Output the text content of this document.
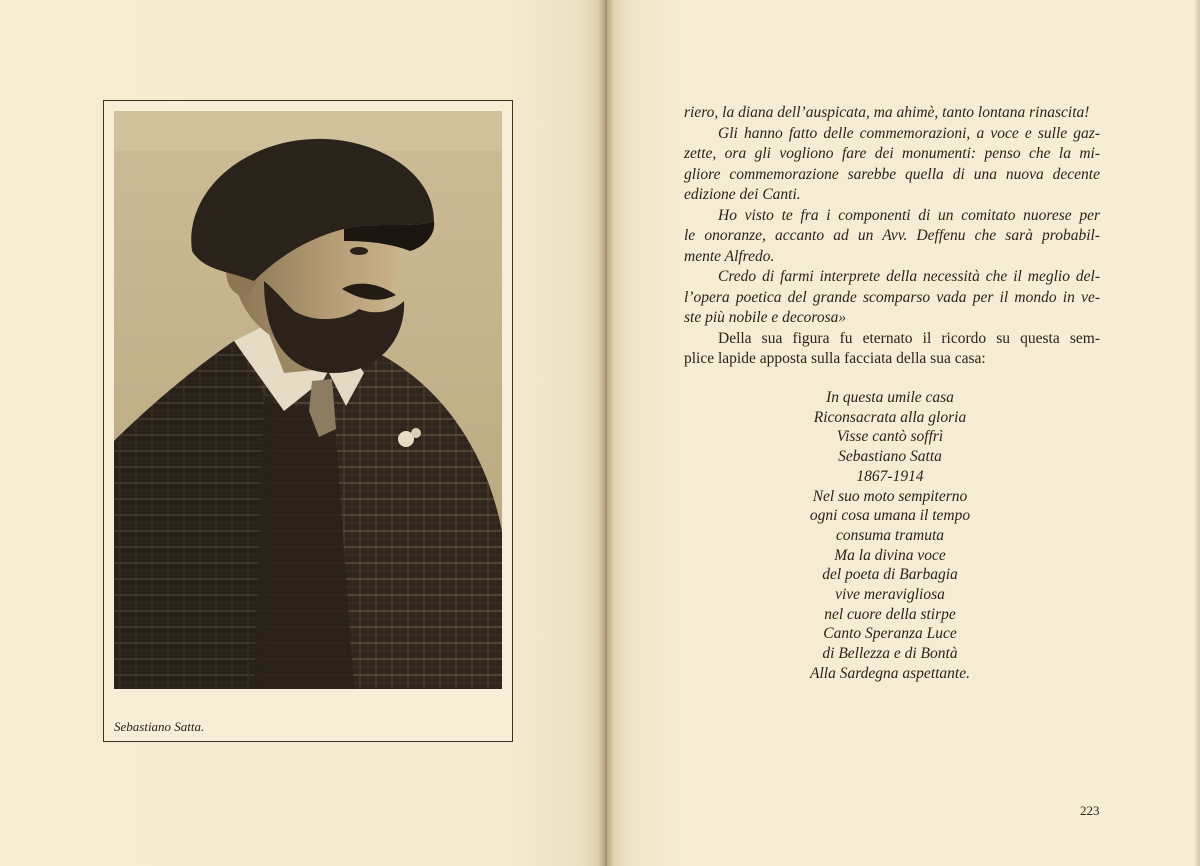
Sebastiano Satta.
riero, la diana dell’auspicata, ma ahimè, tanto lontana rinascita!
Gli hanno fatto delle commemorazioni, a voce e sulle gaz-
zette, ora gli vogliono fare dei monumenti: penso che la mi-
gliore commemorazione sarebbe quella di una nuova decente
edizione dei Canti.
Ho visto te fra i componenti di un comitato nuorese per
le onoranze, accanto ad un Avv. Deffenu che sarà probabil-
mente Alfredo.
Credo di farmi interprete della necessità che il meglio del-
l’opera poetica del grande scomparso vada per il mondo in ve-
ste più nobile e decorosa»
Della sua figura fu eternato il ricordo su questa sem-
plice lapide apposta sulla facciata della sua casa:
In questa umile casa
Riconsacrata alla gloria
Visse cantò soffrì
Sebastiano Satta
1867-1914
Nel suo moto sempiterno
ogni cosa umana il tempo
consuma tramuta
Ma la divina voce
del poeta di Barbagia
vive meravigliosa
nel cuore della stirpe
Canto Speranza Luce
di Bellezza e di Bontà
Alla Sardegna aspettante.
223
